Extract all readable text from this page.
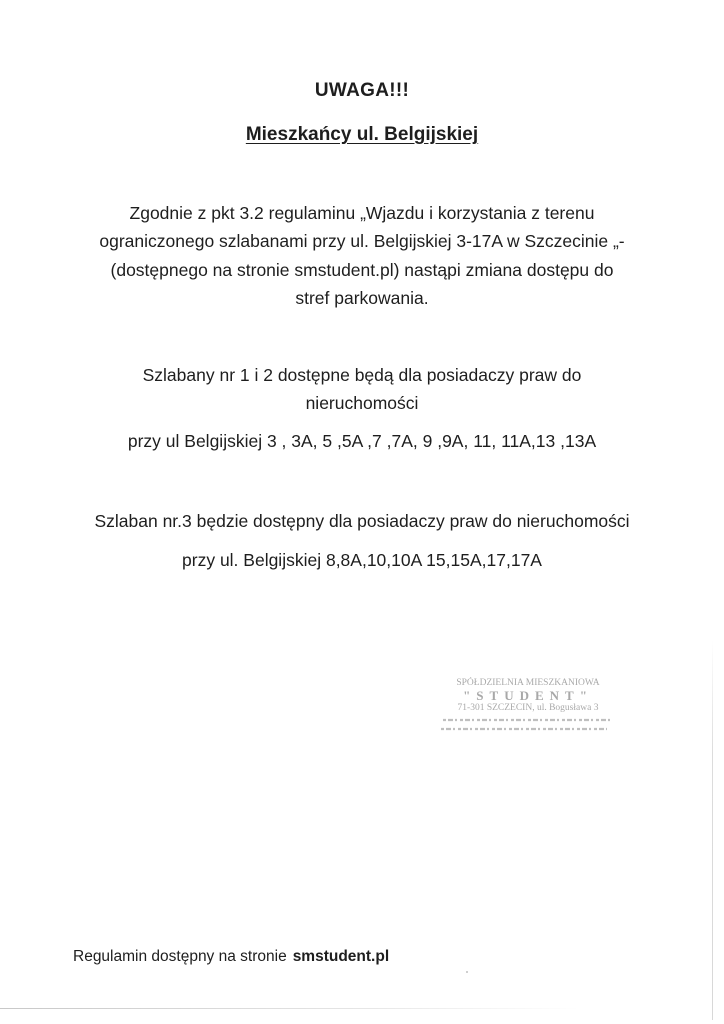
UWAGA!!!
Mieszkańcy ul. Belgijskiej
Zgodnie z pkt 3.2 regulaminu „Wjazdu i korzystania z terenu
ograniczonego szlabanami przy ul. Belgijskiej 3-17A w Szczecinie „-
(dostępnego na stronie smstudent.pl) nastąpi zmiana dostępu do
stref parkowania.
Szlabany nr 1 i 2 dostępne będą dla posiadaczy praw do
nieruchomości
przy ul Belgijskiej 3 , 3A, 5 ,5A ,7 ,7A, 9 ,9A, 11, 11A,13 ,13A
Szlaban nr.3 będzie dostępny dla posiadaczy praw do nieruchomości
przy ul. Belgijskiej 8,8A,10,10A 15,15A,17,17A
SPÓŁDZIELNIA MIESZKANIOWA
"STUDENT"
71-301 SZCZECIN, ul. Bogusława 3
Regulamin dostępny na stronie smstudent.pl
